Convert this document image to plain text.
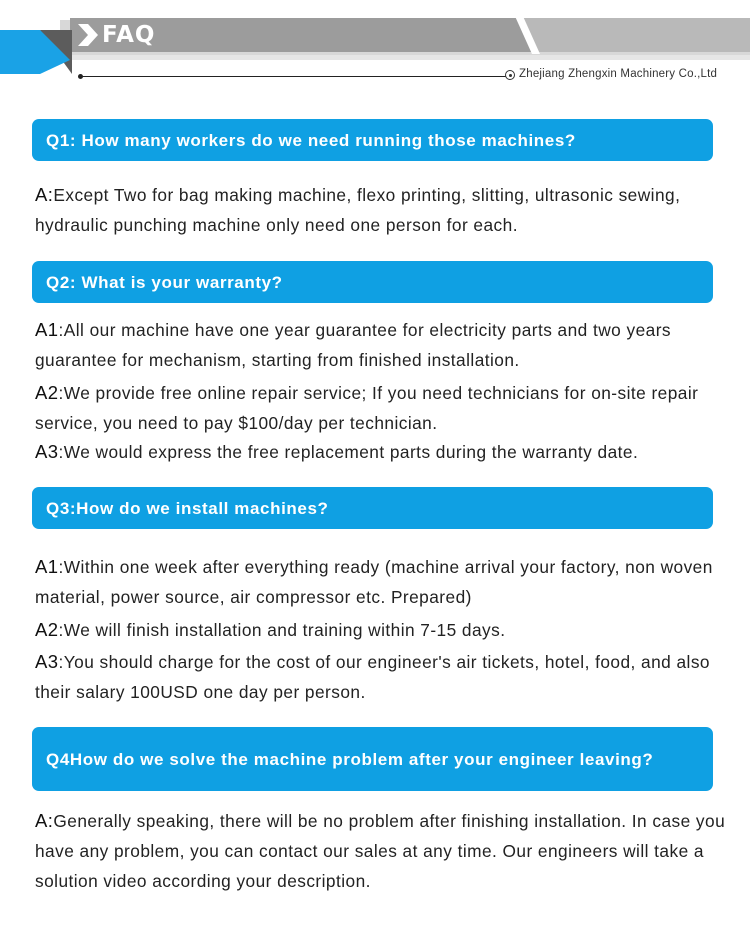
FAQ
Zhejiang Zhengxin Machinery Co.,Ltd
Q1: How many workers do we need running those machines?

A:Except Two for bag making machine, flexo printing, slitting, ultrasonic sewing, hydraulic punching machine only need one person for each.

Q2: What is your warranty?

A1:All our machine have one year guarantee for electricity parts and two years guarantee for mechanism, starting from finished installation.

A2:We provide free online repair service; If you need technicians for on-site repair service, you need to pay $100/day per technician.

A3:We would express the free replacement parts during the warranty date.

Q3:How do we install machines?

A1:Within one week after everything ready (machine arrival your factory, non woven material, power source, air compressor etc. Prepared)

A2:We will finish installation and training within 7-15 days.

A3:You should charge for the cost of our engineer's air tickets, hotel, food, and also their salary 100USD one day per person.

Q4How do we solve the machine problem after your engineer leaving?

A:Generally speaking, there will be no problem after finishing installation. In case you have any problem, you can contact our sales at any time. Our engineers will take a solution video according your description.
